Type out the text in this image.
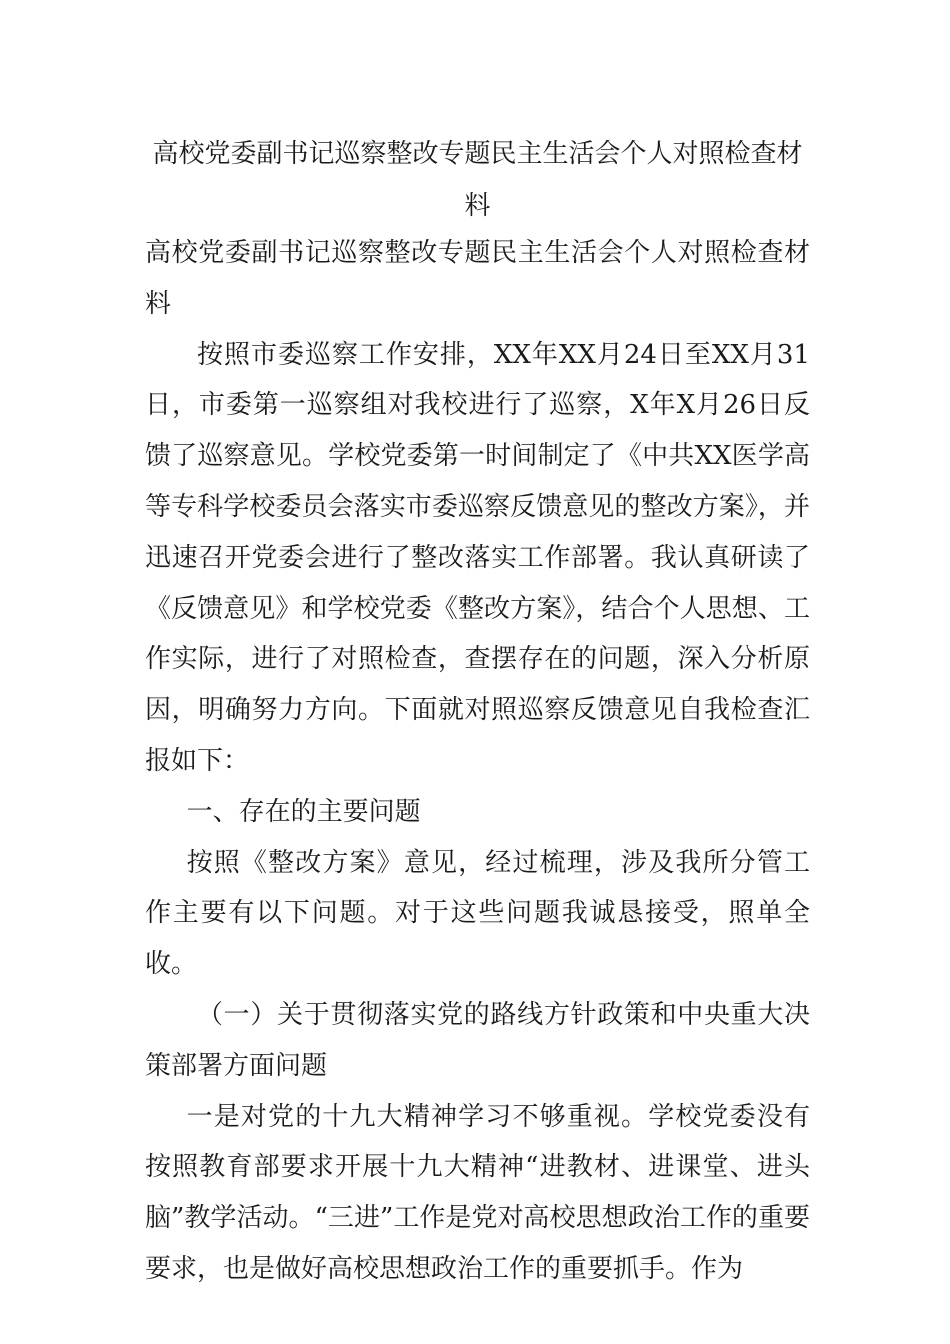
高校党委副书记巡察整改专题民主生活会个人对照检查材料

高校党委副书记巡察整改专题民主生活会个人对照检查材料

按照市委巡察工作安排，XX年XX月24日至XX月31日，市委第一巡察组对我校进行了巡察，X年X月26日反馈了巡察意见。学校党委第一时间制定了《中共XX医学高等专科学校委员会落实市委巡察反馈意见的整改方案》，并迅速召开党委会进行了整改落实工作部署。我认真研读了《反馈意见》和学校党委《整改方案》，结合个人思想、工作实际，进行了对照检查，查摆存在的问题，深入分析原因，明确努力方向。下面就对照巡察反馈意见自我检查汇报如下：

一、存在的主要问题

按照《整改方案》意见，经过梳理，涉及我所分管工作主要有以下问题。对于这些问题我诚恳接受，照单全收。

（一）关于贯彻落实党的路线方针政策和中央重大决策部署方面问题

一是对党的十九大精神学习不够重视。学校党委没有按照教育部要求开展十九大精神“进教材、进课堂、进头脑”教学活动。“三进”工作是党对高校思想政治工作的重要要求，也是做好高校思想政治工作的重要抓手。作为
